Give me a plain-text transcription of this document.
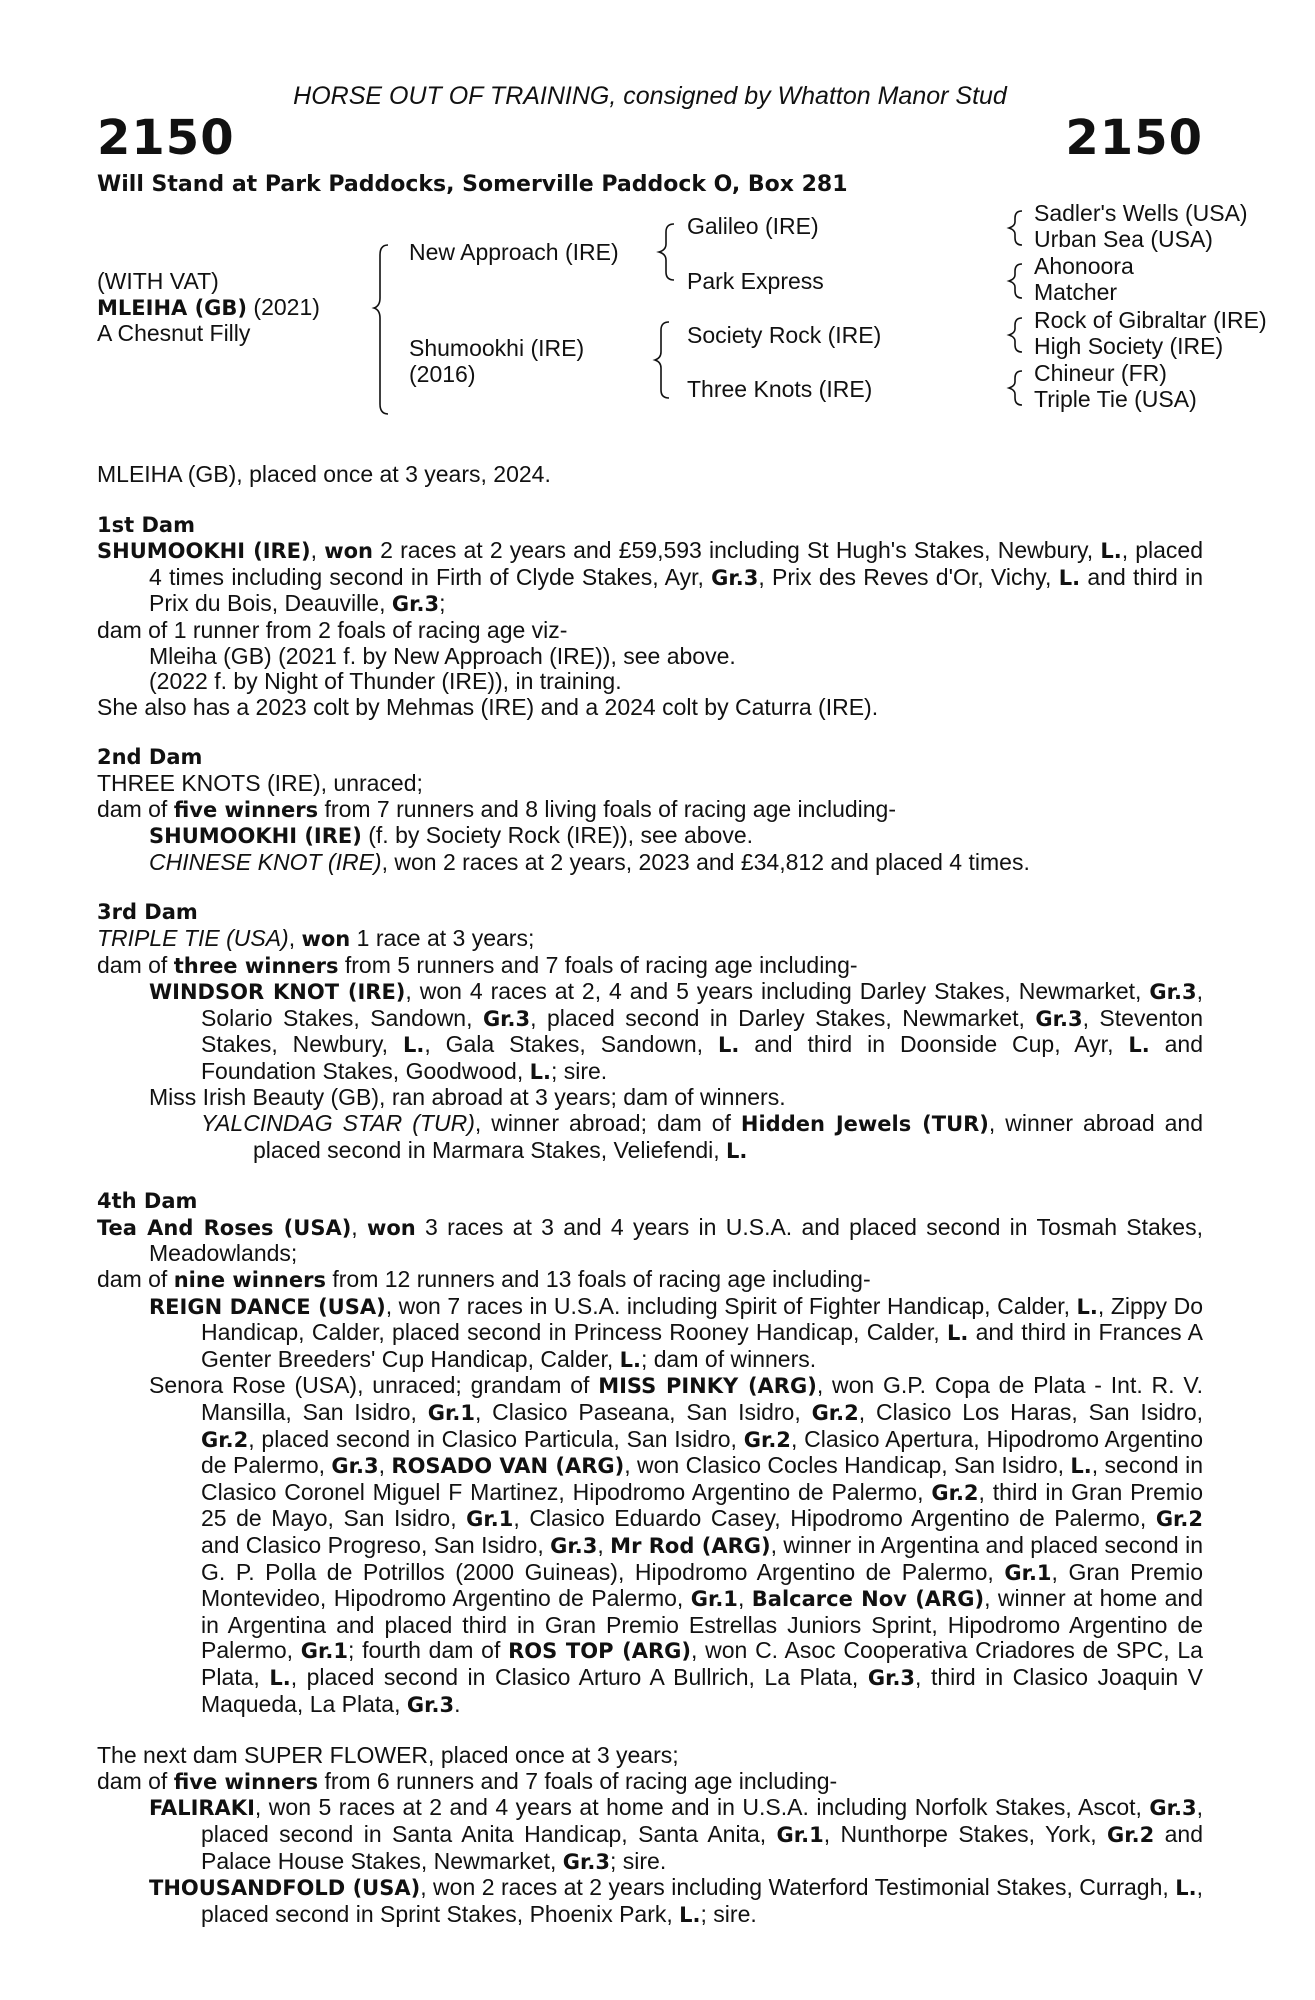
HORSE OUT OF TRAINING, consigned by Whatton Manor Stud
2150	2150
Will Stand at Park Paddocks, Somerville Paddock O, Box 281
(WITH VAT)
MLEIHA (GB) (2021)
A Chesnut Filly
New Approach (IRE)
Shumookhi (IRE)
(2016)
Galileo (IRE)
Park Express
Society Rock (IRE)
Three Knots (IRE)
Sadler's Wells (USA)
Urban Sea (USA)
Ahonoora
Matcher
Rock of Gibraltar (IRE)
High Society (IRE)
Chineur (FR)
Triple Tie (USA)

MLEIHA (GB), placed once at 3 years, 2024.

1st Dam

SHUMOOKHI (IRE), won 2 races at 2 years and £59,593 including St Hugh's Stakes, Newbury, L., placed 4 times including second in Firth of Clyde Stakes, Ayr, Gr.3, Prix des Reves d'Or, Vichy, L. and third in Prix du Bois, Deauville, Gr.3;

dam of 1 runner from 2 foals of racing age viz-

Mleiha (GB) (2021 f. by New Approach (IRE)), see above.

(2022 f. by Night of Thunder (IRE)), in training.

She also has a 2023 colt by Mehmas (IRE) and a 2024 colt by Caturra (IRE).

2nd Dam

THREE KNOTS (IRE), unraced;

dam of five winners from 7 runners and 8 living foals of racing age including-

SHUMOOKHI (IRE) (f. by Society Rock (IRE)), see above.

CHINESE KNOT (IRE), won 2 races at 2 years, 2023 and £34,812 and placed 4 times.

3rd Dam

TRIPLE TIE (USA), won 1 race at 3 years;

dam of three winners from 5 runners and 7 foals of racing age including-

WINDSOR KNOT (IRE), won 4 races at 2, 4 and 5 years including Darley Stakes, Newmarket, Gr.3, Solario Stakes, Sandown, Gr.3, placed second in Darley Stakes, Newmarket, Gr.3, Steventon Stakes, Newbury, L., Gala Stakes, Sandown, L. and third in Doonside Cup, Ayr, L. and Foundation Stakes, Goodwood, L.; sire.

Miss Irish Beauty (GB), ran abroad at 3 years; dam of winners.

YALCINDAG STAR (TUR), winner abroad; dam of Hidden Jewels (TUR), winner abroad and placed second in Marmara Stakes, Veliefendi, L.

4th Dam

Tea And Roses (USA), won 3 races at 3 and 4 years in U.S.A. and placed second in Tosmah Stakes, Meadowlands;

dam of nine winners from 12 runners and 13 foals of racing age including-

REIGN DANCE (USA), won 7 races in U.S.A. including Spirit of Fighter Handicap, Calder, L., Zippy Do Handicap, Calder, placed second in Princess Rooney Handicap, Calder, L. and third in Frances A Genter Breeders' Cup Handicap, Calder, L.; dam of winners.

Senora Rose (USA), unraced; grandam of MISS PINKY (ARG), won G.P. Copa de Plata - Int. R. V. Mansilla, San Isidro, Gr.1, Clasico Paseana, San Isidro, Gr.2, Clasico Los Haras, San Isidro, Gr.2, placed second in Clasico Particula, San Isidro, Gr.2, Clasico Apertura, Hipodromo Argentino de Palermo, Gr.3, ROSADO VAN (ARG), won Clasico Cocles Handicap, San Isidro, L., second in Clasico Coronel Miguel F Martinez, Hipodromo Argentino de Palermo, Gr.2, third in Gran Premio 25 de Mayo, San Isidro, Gr.1, Clasico Eduardo Casey, Hipodromo Argentino de Palermo, Gr.2 and Clasico Progreso, San Isidro, Gr.3, Mr Rod (ARG), winner in Argentina and placed second in G. P. Polla de Potrillos (2000 Guineas), Hipodromo Argentino de Palermo, Gr.1, Gran Premio Montevideo, Hipodromo Argentino de Palermo, Gr.1, Balcarce Nov (ARG), winner at home and in Argentina and placed third in Gran Premio Estrellas Juniors Sprint, Hipodromo Argentino de Palermo, Gr.1; fourth dam of ROS TOP (ARG), won C. Asoc Cooperativa Criadores de SPC, La Plata, L., placed second in Clasico Arturo A Bullrich, La Plata, Gr.3, third in Clasico Joaquin V Maqueda, La Plata, Gr.3.

The next dam SUPER FLOWER, placed once at 3 years;

dam of five winners from 6 runners and 7 foals of racing age including-

FALIRAKI, won 5 races at 2 and 4 years at home and in U.S.A. including Norfolk Stakes, Ascot, Gr.3, placed second in Santa Anita Handicap, Santa Anita, Gr.1, Nunthorpe Stakes, York, Gr.2 and Palace House Stakes, Newmarket, Gr.3; sire.

THOUSANDFOLD (USA), won 2 races at 2 years including Waterford Testimonial Stakes, Curragh, L., placed second in Sprint Stakes, Phoenix Park, L.; sire.
